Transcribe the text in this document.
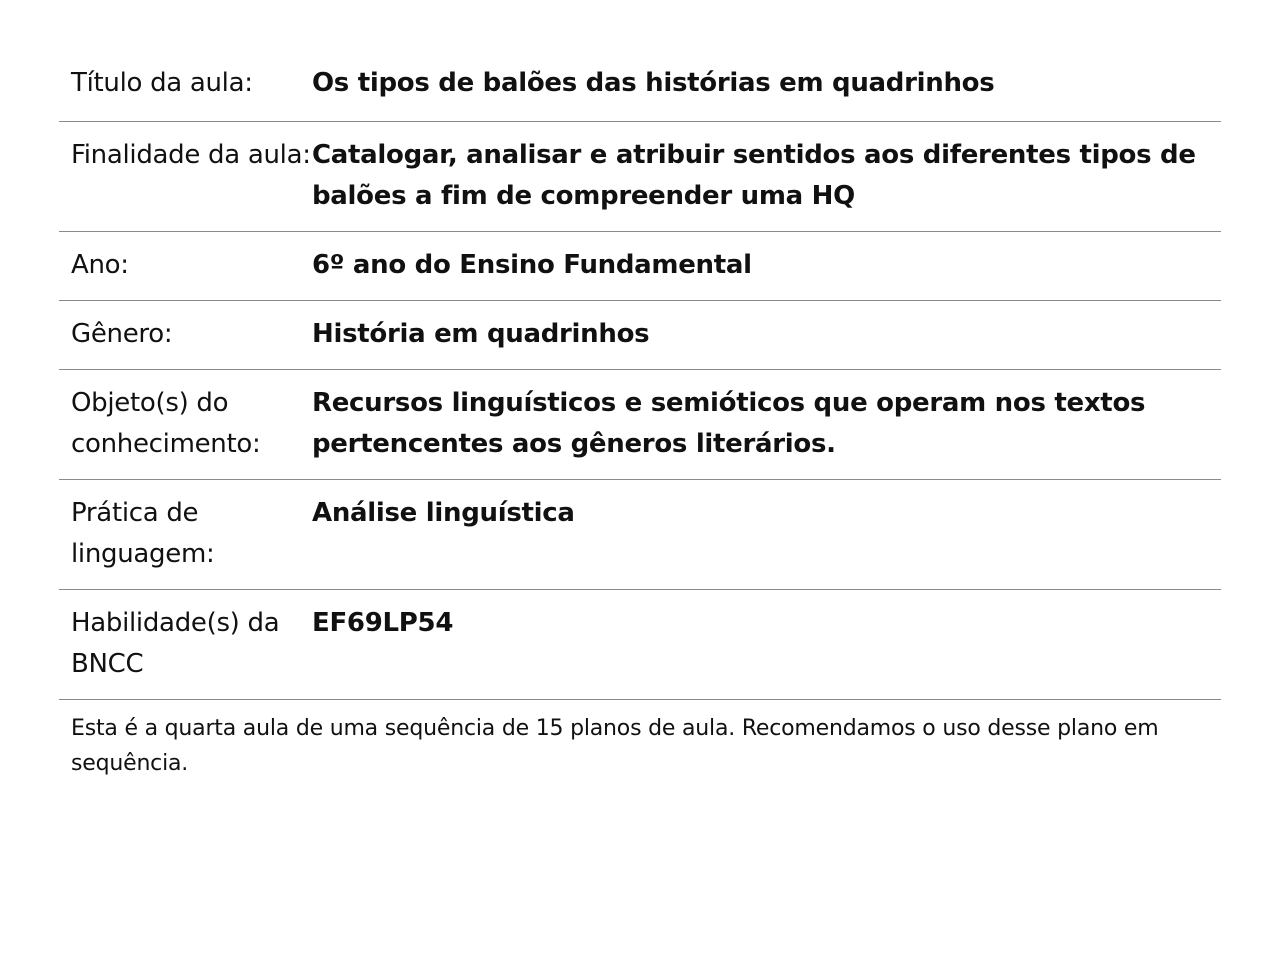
Título da aula:	Os tipos de balões das histórias em quadrinhos
Finalidade da aula:	Catalogar, analisar e atribuir sentidos aos diferentes tipos de balões a fim de compreender uma HQ
Ano:	6º ano do Ensino Fundamental
Gênero:	História em quadrinhos
Objeto(s) do conhecimento:	Recursos linguísticos e semióticos que operam nos textos pertencentes aos gêneros literários.
Prática de linguagem:	Análise linguística
Habilidade(s) da BNCC	EF69LP54
Esta é a quarta aula de uma sequência de 15 planos de aula. Recomendamos o uso desse plano em sequência.
